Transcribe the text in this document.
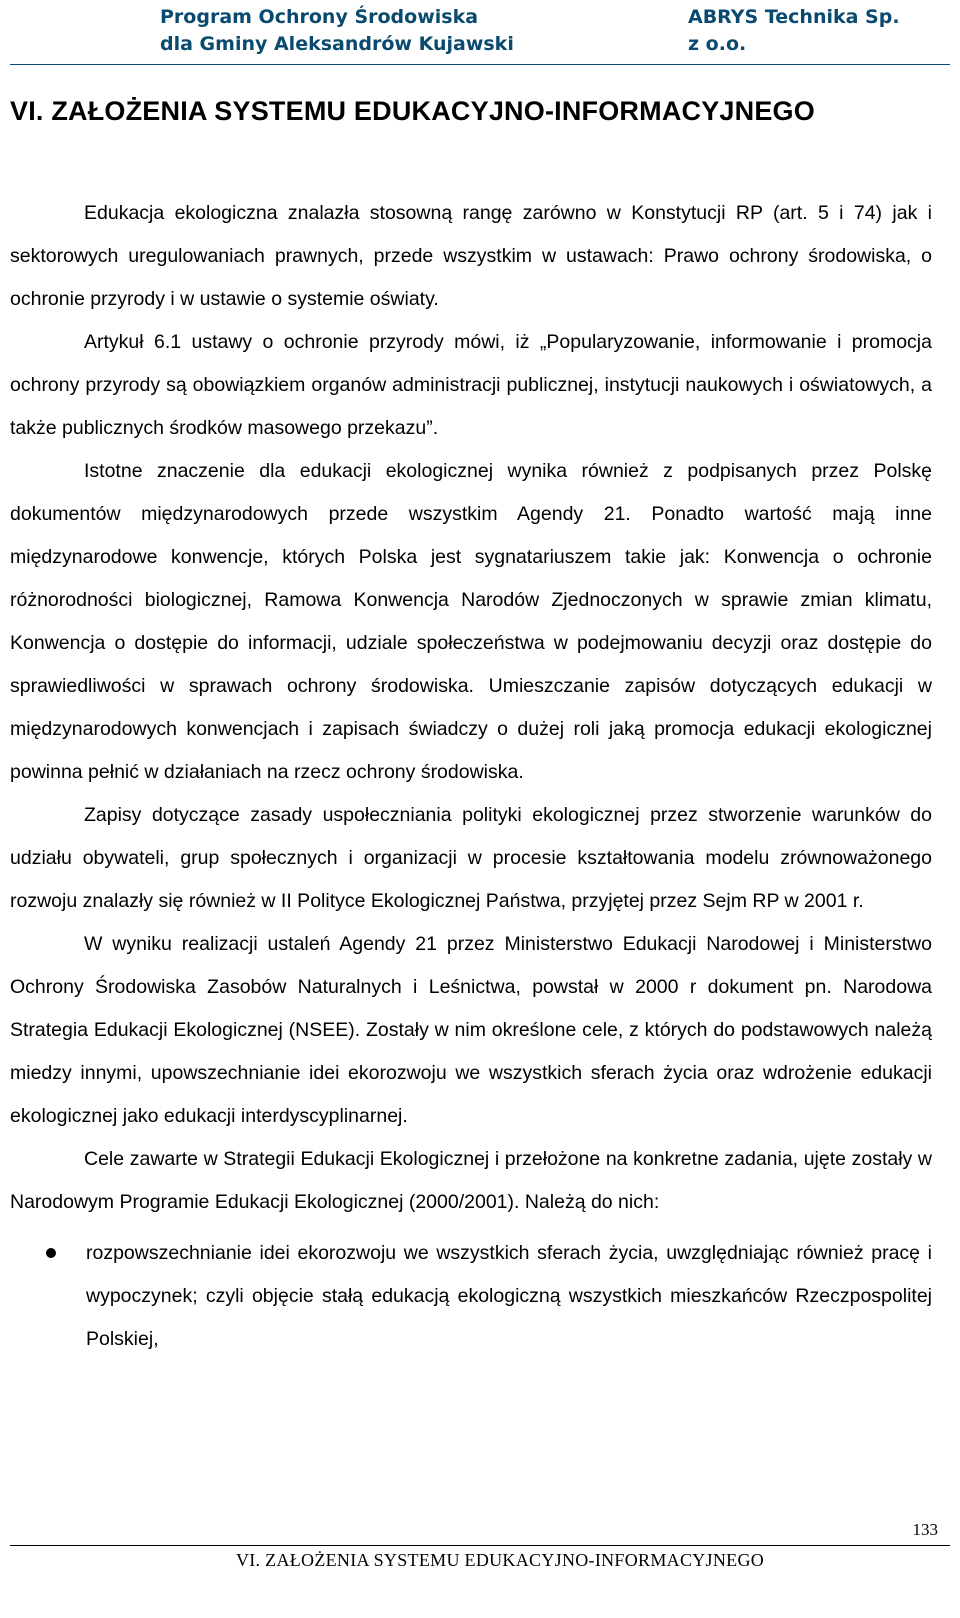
Program Ochrony Środowiska
dla Gminy Aleksandrów Kujawski
ABRYS Technika Sp.
z o.o.
VI. ZAŁOŻENIA SYSTEMU EDUKACYJNO-INFORMACYJNEGO

Edukacja ekologiczna znalazła stosowną rangę zarówno w Konstytucji RP (art. 5 i 74) jak i sektorowych uregulowaniach prawnych, przede wszystkim w ustawach: Prawo ochrony środowiska, o ochronie przyrody i w ustawie o systemie oświaty.

Artykuł 6.1 ustawy o ochronie przyrody mówi, iż „Popularyzowanie, informowanie i promocja ochrony przyrody są obowiązkiem organów administracji publicznej, instytucji naukowych i oświatowych, a także publicznych środków masowego przekazu”.

Istotne znaczenie dla edukacji ekologicznej wynika również z podpisanych przez Polskę dokumentów międzynarodowych przede wszystkim Agendy 21. Ponadto wartość mają inne międzynarodowe konwencje, których Polska jest sygnatariuszem takie jak: Konwencja o ochronie różnorodności biologicznej, Ramowa Konwencja Narodów Zjednoczonych w sprawie zmian klimatu, Konwencja o dostępie do informacji, udziale społeczeństwa w podejmowaniu decyzji oraz dostępie do sprawiedliwości w sprawach ochrony środowiska. Umieszczanie zapisów dotyczących edukacji w międzynarodowych konwencjach i zapisach świadczy o dużej roli jaką promocja edukacji ekologicznej powinna pełnić w działaniach na rzecz ochrony środowiska.

Zapisy dotyczące zasady uspołeczniania polityki ekologicznej przez stworzenie warunków do udziału obywateli, grup społecznych i organizacji w procesie kształtowania modelu zrównoważonego rozwoju znalazły się również w II Polityce Ekologicznej Państwa, przyjętej przez Sejm RP w 2001 r.

W wyniku realizacji ustaleń Agendy 21 przez Ministerstwo Edukacji Narodowej i Ministerstwo Ochrony Środowiska Zasobów Naturalnych i Leśnictwa, powstał w 2000 r dokument pn. Narodowa Strategia Edukacji Ekologicznej (NSEE). Zostały w nim określone cele, z których do podstawowych należą miedzy innymi, upowszechnianie idei ekorozwoju we wszystkich sferach życia oraz wdrożenie edukacji ekologicznej jako edukacji interdyscyplinarnej.

Cele zawarte w Strategii Edukacji Ekologicznej i przełożone na konkretne zadania, ujęte zostały w Narodowym Programie Edukacji Ekologicznej (2000/2001). Należą do nich:

rozpowszechnianie idei ekorozwoju we wszystkich sferach życia, uwzględniając również pracę i wypoczynek; czyli objęcie stałą edukacją ekologiczną wszystkich mieszkańców Rzeczpospolitej Polskiej,
133
VI. ZAŁOŻENIA SYSTEMU EDUKACYJNO-INFORMACYJNEGO
